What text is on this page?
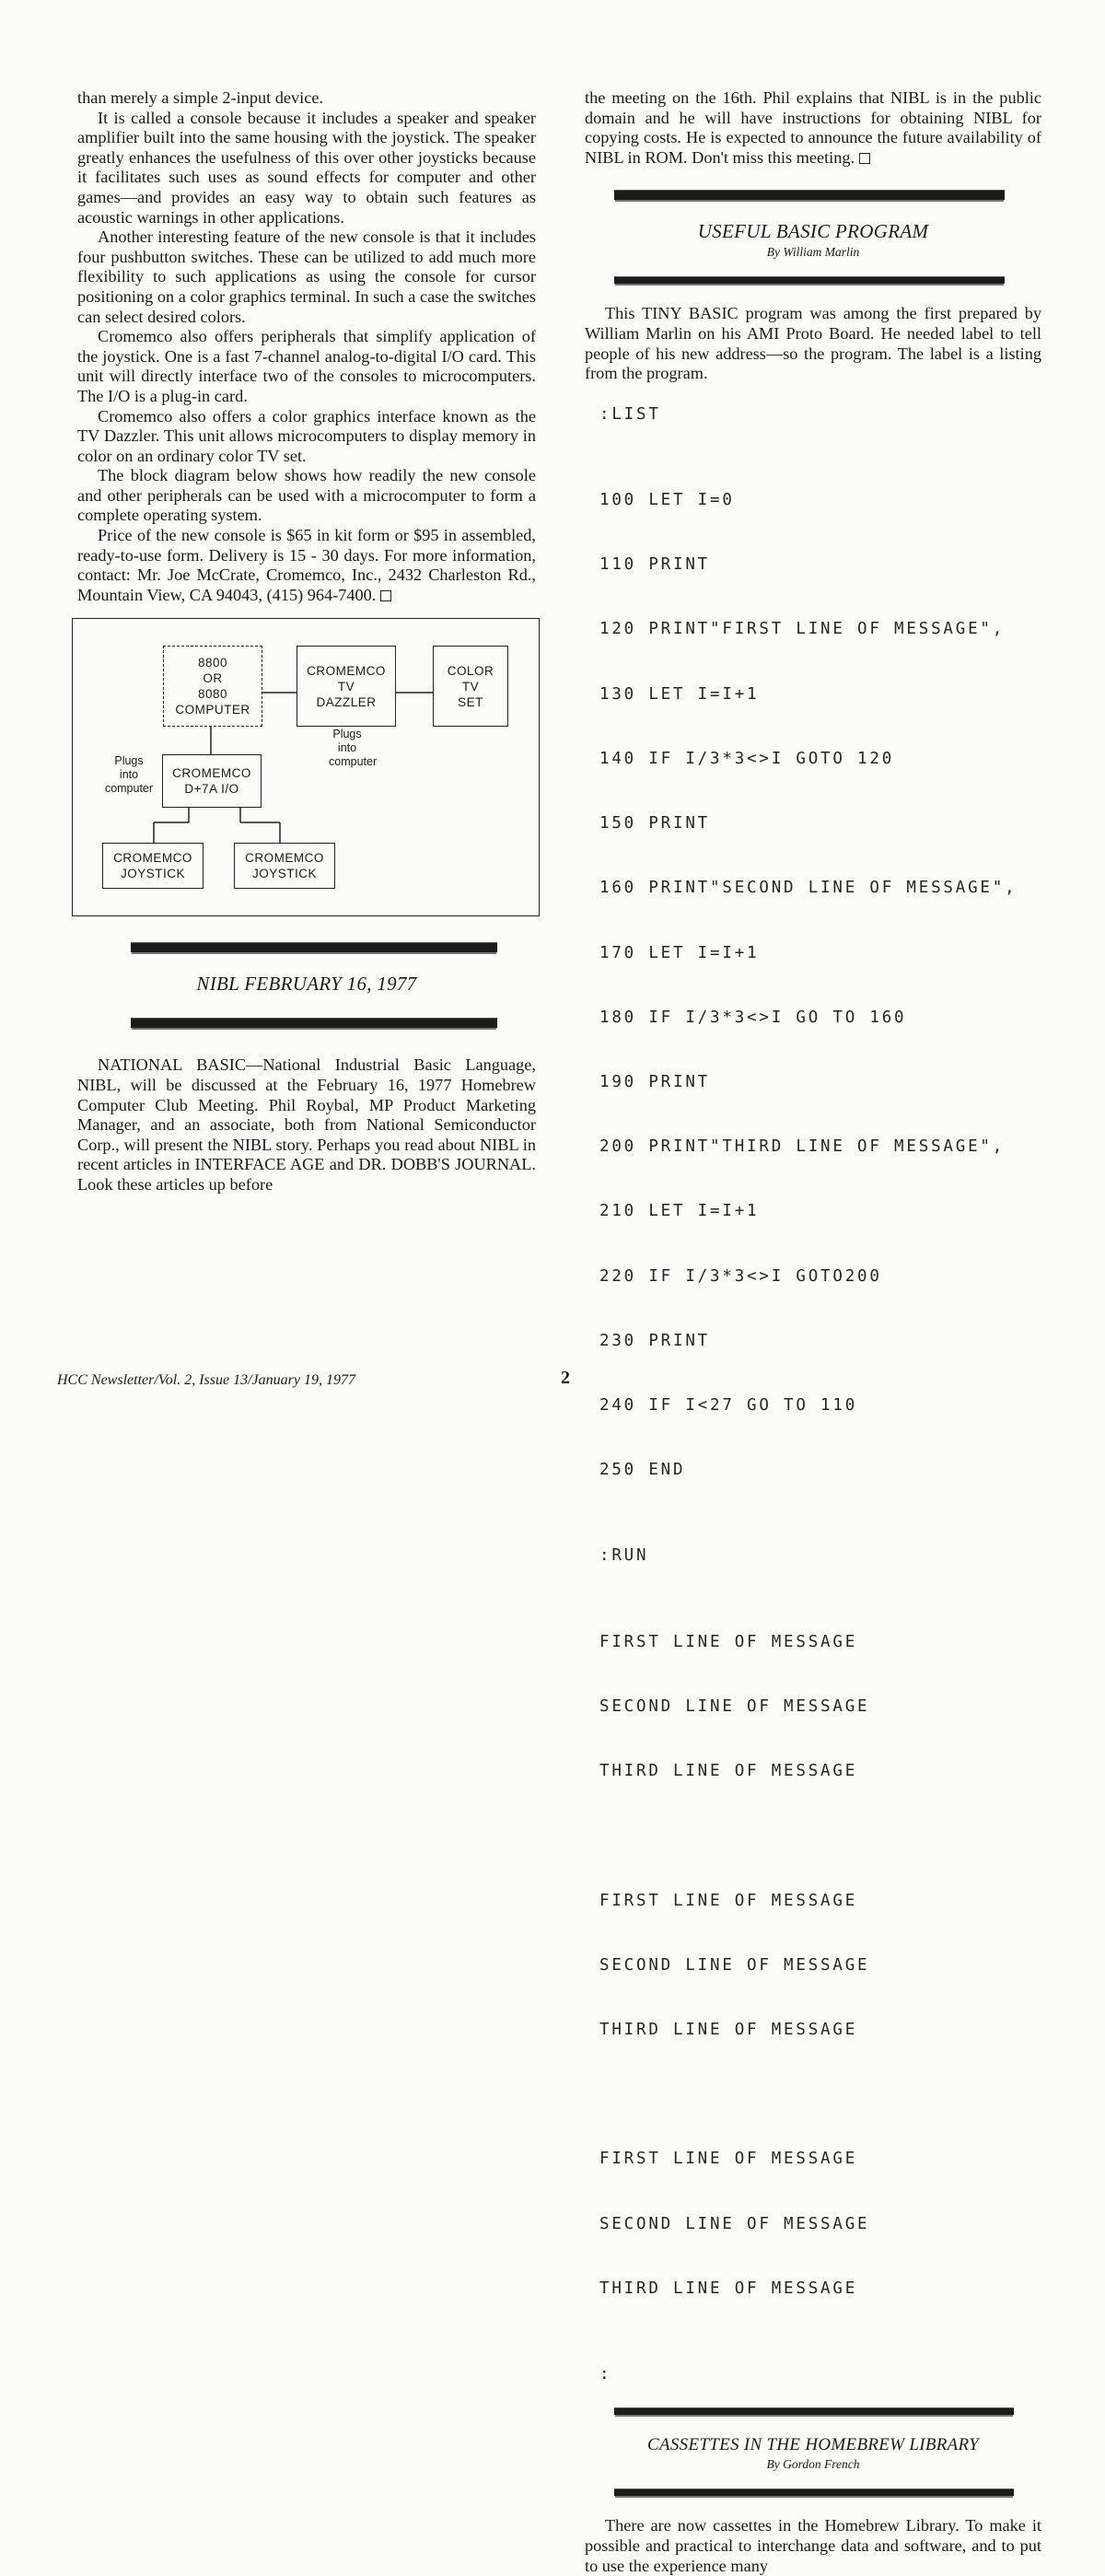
than merely a simple 2-input device.

It is called a console because it includes a speaker and speaker amplifier built into the same housing with the joystick. The speaker greatly enhances the usefulness of this over other joysticks because it facilitates such uses as sound effects for computer and other games—and provides an easy way to obtain such features as acoustic warnings in other applications.

Another interesting feature of the new console is that it includes four pushbutton switches. These can be utilized to add much more flexibility to such applications as using the console for cursor positioning on a color graphics terminal. In such a case the switches can select desired colors.

Cromemco also offers peripherals that simplify application of the joystick. One is a fast 7-channel analog-to-digital I/O card. This unit will directly interface two of the consoles to microcomputers. The I/O is a plug-in card.

Cromemco also offers a color graphics interface known as the TV Dazzler. This unit allows microcomputers to display memory in color on an ordinary color TV set.

The block diagram below shows how readily the new console and other peripherals can be used with a microcomputer to form a complete operating system.

Price of the new console is $65 in kit form or $95 in assembled, ready-to-use form. Delivery is 15 - 30 days. For more information, contact: Mr. Joe McCrate, Cromemco, Inc., 2432 Charleston Rd., Mountain View, CA 94043, (415) 964-7400.

8800
OR
8080
COMPUTER
CROMEMCO
TV
DAZZLER
COLOR
TV
SET
Plugs
into
computer
Plugs
into
computer
CROMEMCO
D+7A I/O
CROMEMCO
JOYSTICK
CROMEMCO
JOYSTICK
NIBL FEBRUARY 16, 1977

NATIONAL BASIC—National Industrial Basic Language, NIBL, will be discussed at the February 16, 1977 Homebrew Computer Club Meeting. Phil Roybal, MP Product Marketing Manager, and an associate, both from National Semiconductor Corp., will present the NIBL story. Perhaps you read about NIBL in recent articles in INTERFACE AGE and DR. DOBB'S JOURNAL. Look these articles up before

the meeting on the 16th. Phil explains that NIBL is in the public domain and he will have instructions for obtaining NIBL for copying costs. He is expected to announce the future availability of NIBL in ROM. Don't miss this meeting.

USEFUL BASIC PROGRAM
By William Marlin

This TINY BASIC program was among the first prepared by William Marlin on his AMI Proto Board. He needed label to tell people of his new address—so the program. The label is a listing from the program.

:LIST

100 LET I=0

110 PRINT

120 PRINT"FIRST LINE OF MESSAGE",

130 LET I=I+1

140 IF I/3*3<>I GOTO 120

150 PRINT

160 PRINT"SECOND LINE OF MESSAGE",

170 LET I=I+1

180 IF I/3*3<>I GO TO 160

190 PRINT

200 PRINT"THIRD LINE OF MESSAGE",

210 LET I=I+1

220 IF I/3*3<>I GOTO200

230 PRINT

240 IF I<27 GO TO 110

250 END

:RUN

FIRST LINE OF MESSAGE

SECOND LINE OF MESSAGE

THIRD LINE OF MESSAGE

FIRST LINE OF MESSAGE

SECOND LINE OF MESSAGE

THIRD LINE OF MESSAGE

FIRST LINE OF MESSAGE

SECOND LINE OF MESSAGE

THIRD LINE OF MESSAGE

:
CASSETTES IN THE HOMEBREW LIBRARY
By Gordon French

There are now cassettes in the Homebrew Library. To make it possible and practical to interchange data and software, and to put to use the experience many

HCC Newsletter/Vol. 2, Issue 13/January 19, 1977	2
